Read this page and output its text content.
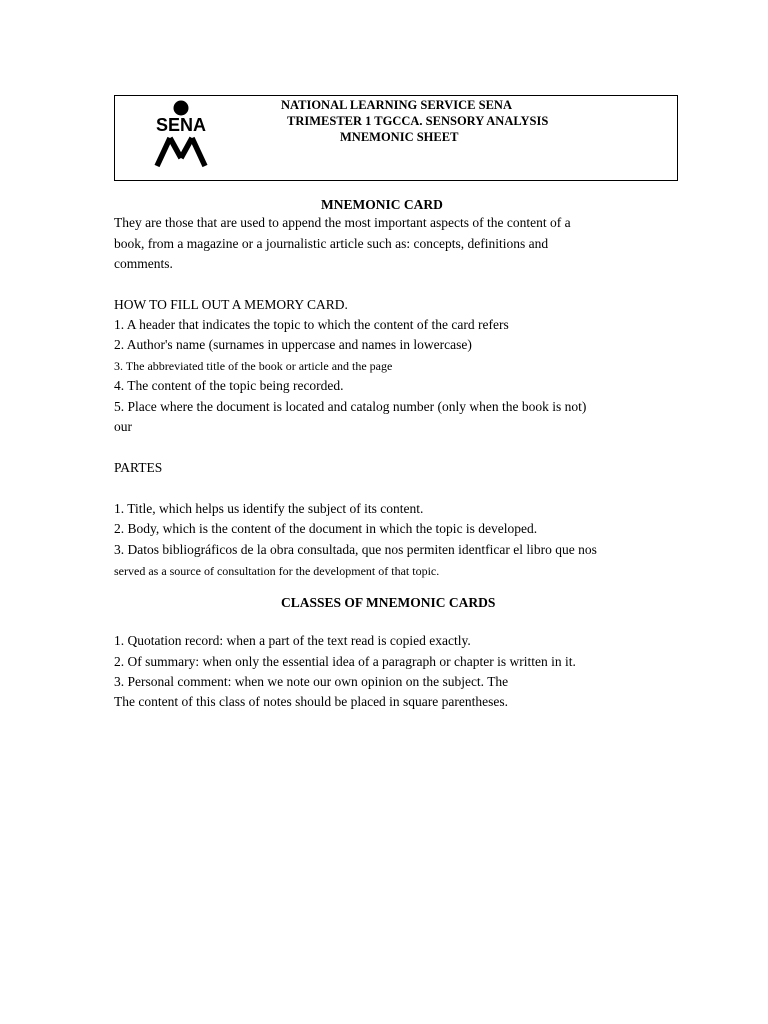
SENA
NATIONAL LEARNING SERVICE SENA
TRIMESTER 1 TGCCA. SENSORY ANALYSIS
MNEMONIC SHEET
MNEMONIC CARD
They are those that are used to append the most important aspects of the content of a
book, from a magazine or a journalistic article such as: concepts, definitions and
comments.
HOW TO FILL OUT A MEMORY CARD.
1. A header that indicates the topic to which the content of the card refers
2. Author's name (surnames in uppercase and names in lowercase)
3. The abbreviated title of the book or article and the page
4. The content of the topic being recorded.
5. Place where the document is located and catalog number (only when the book is not)
our
PARTES
1. Title, which helps us identify the subject of its content.
2. Body, which is the content of the document in which the topic is developed.
3. Datos bibliográficos de la obra consultada, que nos permiten identficar el libro que nos
served as a source of consultation for the development of that topic.
CLASSES OF MNEMONIC CARDS
1. Quotation record: when a part of the text read is copied exactly.
2. Of summary: when only the essential idea of a paragraph or chapter is written in it.
3. Personal comment: when we note our own opinion on the subject. The
The content of this class of notes should be placed in square parentheses.
